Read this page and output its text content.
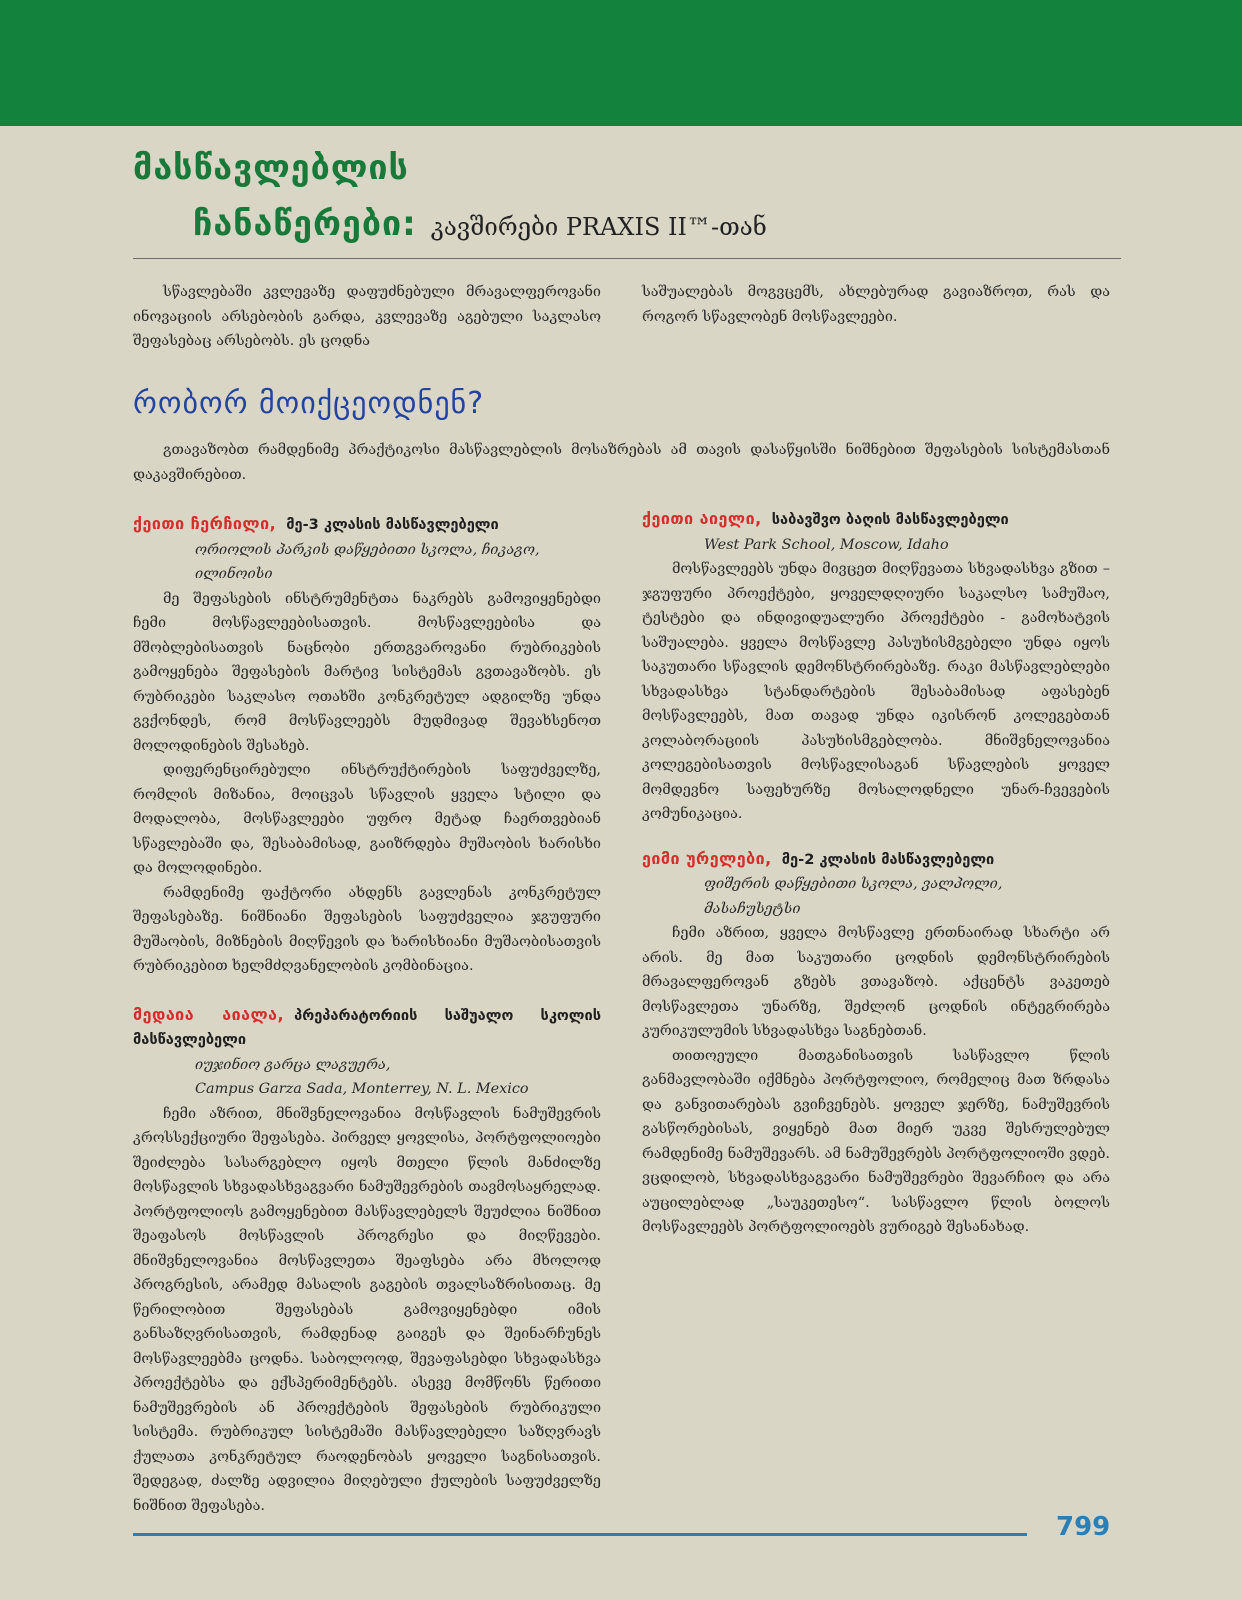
მასწავლებლის
ჩანაწერები: კავშირები PRAXIS II™-თან

სწავლებაში კვლევაზე დაფუძნებული მრავალფეროვანი ინოვაციის არსებობის გარდა, კვლევაზე აგებული საკლასო შეფასებაც არსებობს. ეს ცოდნა

საშუალებას მოგვცემს, ახლებურად გავიაზროთ, რას და როგორ სწავლობენ მოსწავლეები.

რობორ მოიქცეოდნენ?

გთავაზობთ რამდენიმე პრაქტიკოსი მასწავლებლის მოსაზრებას ამ თავის დასაწყისში ნიშნებით შეფასების სისტემასთან დაკავშირებით.

ქეითი ჩერჩილი, მე-3 კლასის მასწავლებელი

ორიოლის პარკის დაწყებითი სკოლა, ჩიკაგო,

ილინოისი

მე შეფასების ინსტრუმენტთა ნაკრებს გამოვიყენებდი ჩემი მოსწავლეებისათვის. მოსწავლეებისა და მშობლებისათვის ნაცნობი ერთგვაროვანი რუბრიკების გამოყენება შეფასების მარტივ სისტემას გვთავაზობს. ეს რუბრიკები საკლასო ოთახში კონკრეტულ ადგილზე უნდა გვქონდეს, რომ მოსწავლეებს მუდმივად შევახსენოთ მოლოდინების შესახებ.

დიფერენცირებული ინსტრუქტირების საფუძველზე, რომლის მიზანია, მოიცვას სწავლის ყველა სტილი და მოდალობა, მოსწავლეები უფრო მეტად ჩაერთვებიან სწავლებაში და, შესაბამისად, გაიზრდება მუშაობის ხარისხი და მოლოდინები.

რამდენიმე ფაქტორი ახდენს გავლენას კონკრეტულ შეფასებაზე. ნიშნიანი შეფასების საფუძველია ჯგუფური მუშაობის, მიზნების მიღწევის და ხარისხიანი მუშაობისათვის რუბრიკებით ხელმძღვანელობის კომბინაცია.

მედაია აიალა, პრეპარატორიის საშუალო სკოლის მასწავლებელი

იუჯინიო გარცა ლაგუერა,

Campus Garza Sada, Monterrey, N. L. Mexico

ჩემი აზრით, მნიშვნელოვანია მოსწავლის ნამუშევრის კროსსექციური შეფასება. პირველ ყოვლისა, პორტფოლიოები შეიძლება სასარგებლო იყოს მთელი წლის მანძილზე მოსწავლის სხვადასხვაგვარი ნამუშევრების თავმოსაყრელად. პორტფოლიოს გამოყენებით მასწავლებელს შეუძლია ნიშნით შეაფასოს მოსწავლის პროგრესი და მიღწევები. მნიშვნელოვანია მოსწავლეთა შეაფსება არა მხოლოდ პროგრესის, არამედ მასალის გაგების თვალსაზრისითაც. მე წერილობით შეფასებას გამოვიყენებდი იმის განსაზღვრისათვის, რამდენად გაიგეს და შეინარჩუნეს მოსწავლეებმა ცოდნა. საბოლოოდ, შევაფასებდი სხვადასხვა პროექტებსა და ექსპერიმენტებს. ასევე მომწონს წერითი ნამუშევრების ან პროექტების შეფასების რუბრიკული სისტემა. რუბრიკულ სისტემაში მასწავლებელი საზღვრავს ქულათა კონკრეტულ რაოდენობას ყოველი საგნისათვის. შედეგად, ძალზე ადვილია მიღებული ქულების საფუძველზე ნიშნით შეფასება.

ქეითი აიელი, საბავშვო ბაღის მასწავლებელი

West Park School, Moscow, Idaho

მოსწავლეებს უნდა მივცეთ მიღწევათა სხვადასხვა გზით – ჯგუფური პროექტები, ყოველდღიური საკალსო სამუშაო, ტესტები და ინდივიდუალური პროექტები - გამოხატვის საშუალება. ყველა მოსწავლე პასუხისმგებელი უნდა იყოს საკუთარი სწავლის დემონსტრირებაზე. რაკი მასწავლებლები სხვადასხვა სტანდარტების შესაბამისად აფასებენ მოსწავლეებს, მათ თავად უნდა იკისრონ კოლეგებთან კოლაბორაციის პასუხისმგებლობა. მნიშვნელოვანია კოლეგებისათვის მოსწავლისაგან სწავლების ყოველ მომდევნო საფეხურზე მოსალოდნელი უნარ-ჩვევების კომუნიკაცია.

ეიმი ურელები, მე-2 კლასის მასწავლებელი

ფიშერის დაწყებითი სკოლა, ვალპოლი,

მასაჩუსეტსი

ჩემი აზრით, ყველა მოსწავლე ერთნაირად სხარტი არ არის. მე მათ საკუთარი ცოდნის დემონსტრირების მრავალფეროვან გზებს ვთავაზობ. აქცენტს ვაკეთებ მოსწავლეთა უნარზე, შეძლონ ცოდნის ინტეგრირება კურიკულუმის სხვადასხვა საგნებთან.

თითოეული მათგანისათვის სასწავლო წლის განმავლობაში იქმნება პორტფოლიო, რომელიც მათ ზრდასა და განვითარებას გვიჩვენებს. ყოველ ჯერზე, ნამუშევრის გასწორებისას, ვიყენებ მათ მიერ უკვე შესრულებულ რამდენიმე ნამუშევარს. ამ ნამუშევრებს პორტფოლიოში ვდებ. ვცდილობ, სხვადასხვაგვარი ნამუშევრები შევარჩიო და არა აუცილებლად „საუკეთესო“. სასწავლო წლის ბოლოს მოსწავლეებს პორტფოლიოებს ვურიგებ შესანახად.

799
